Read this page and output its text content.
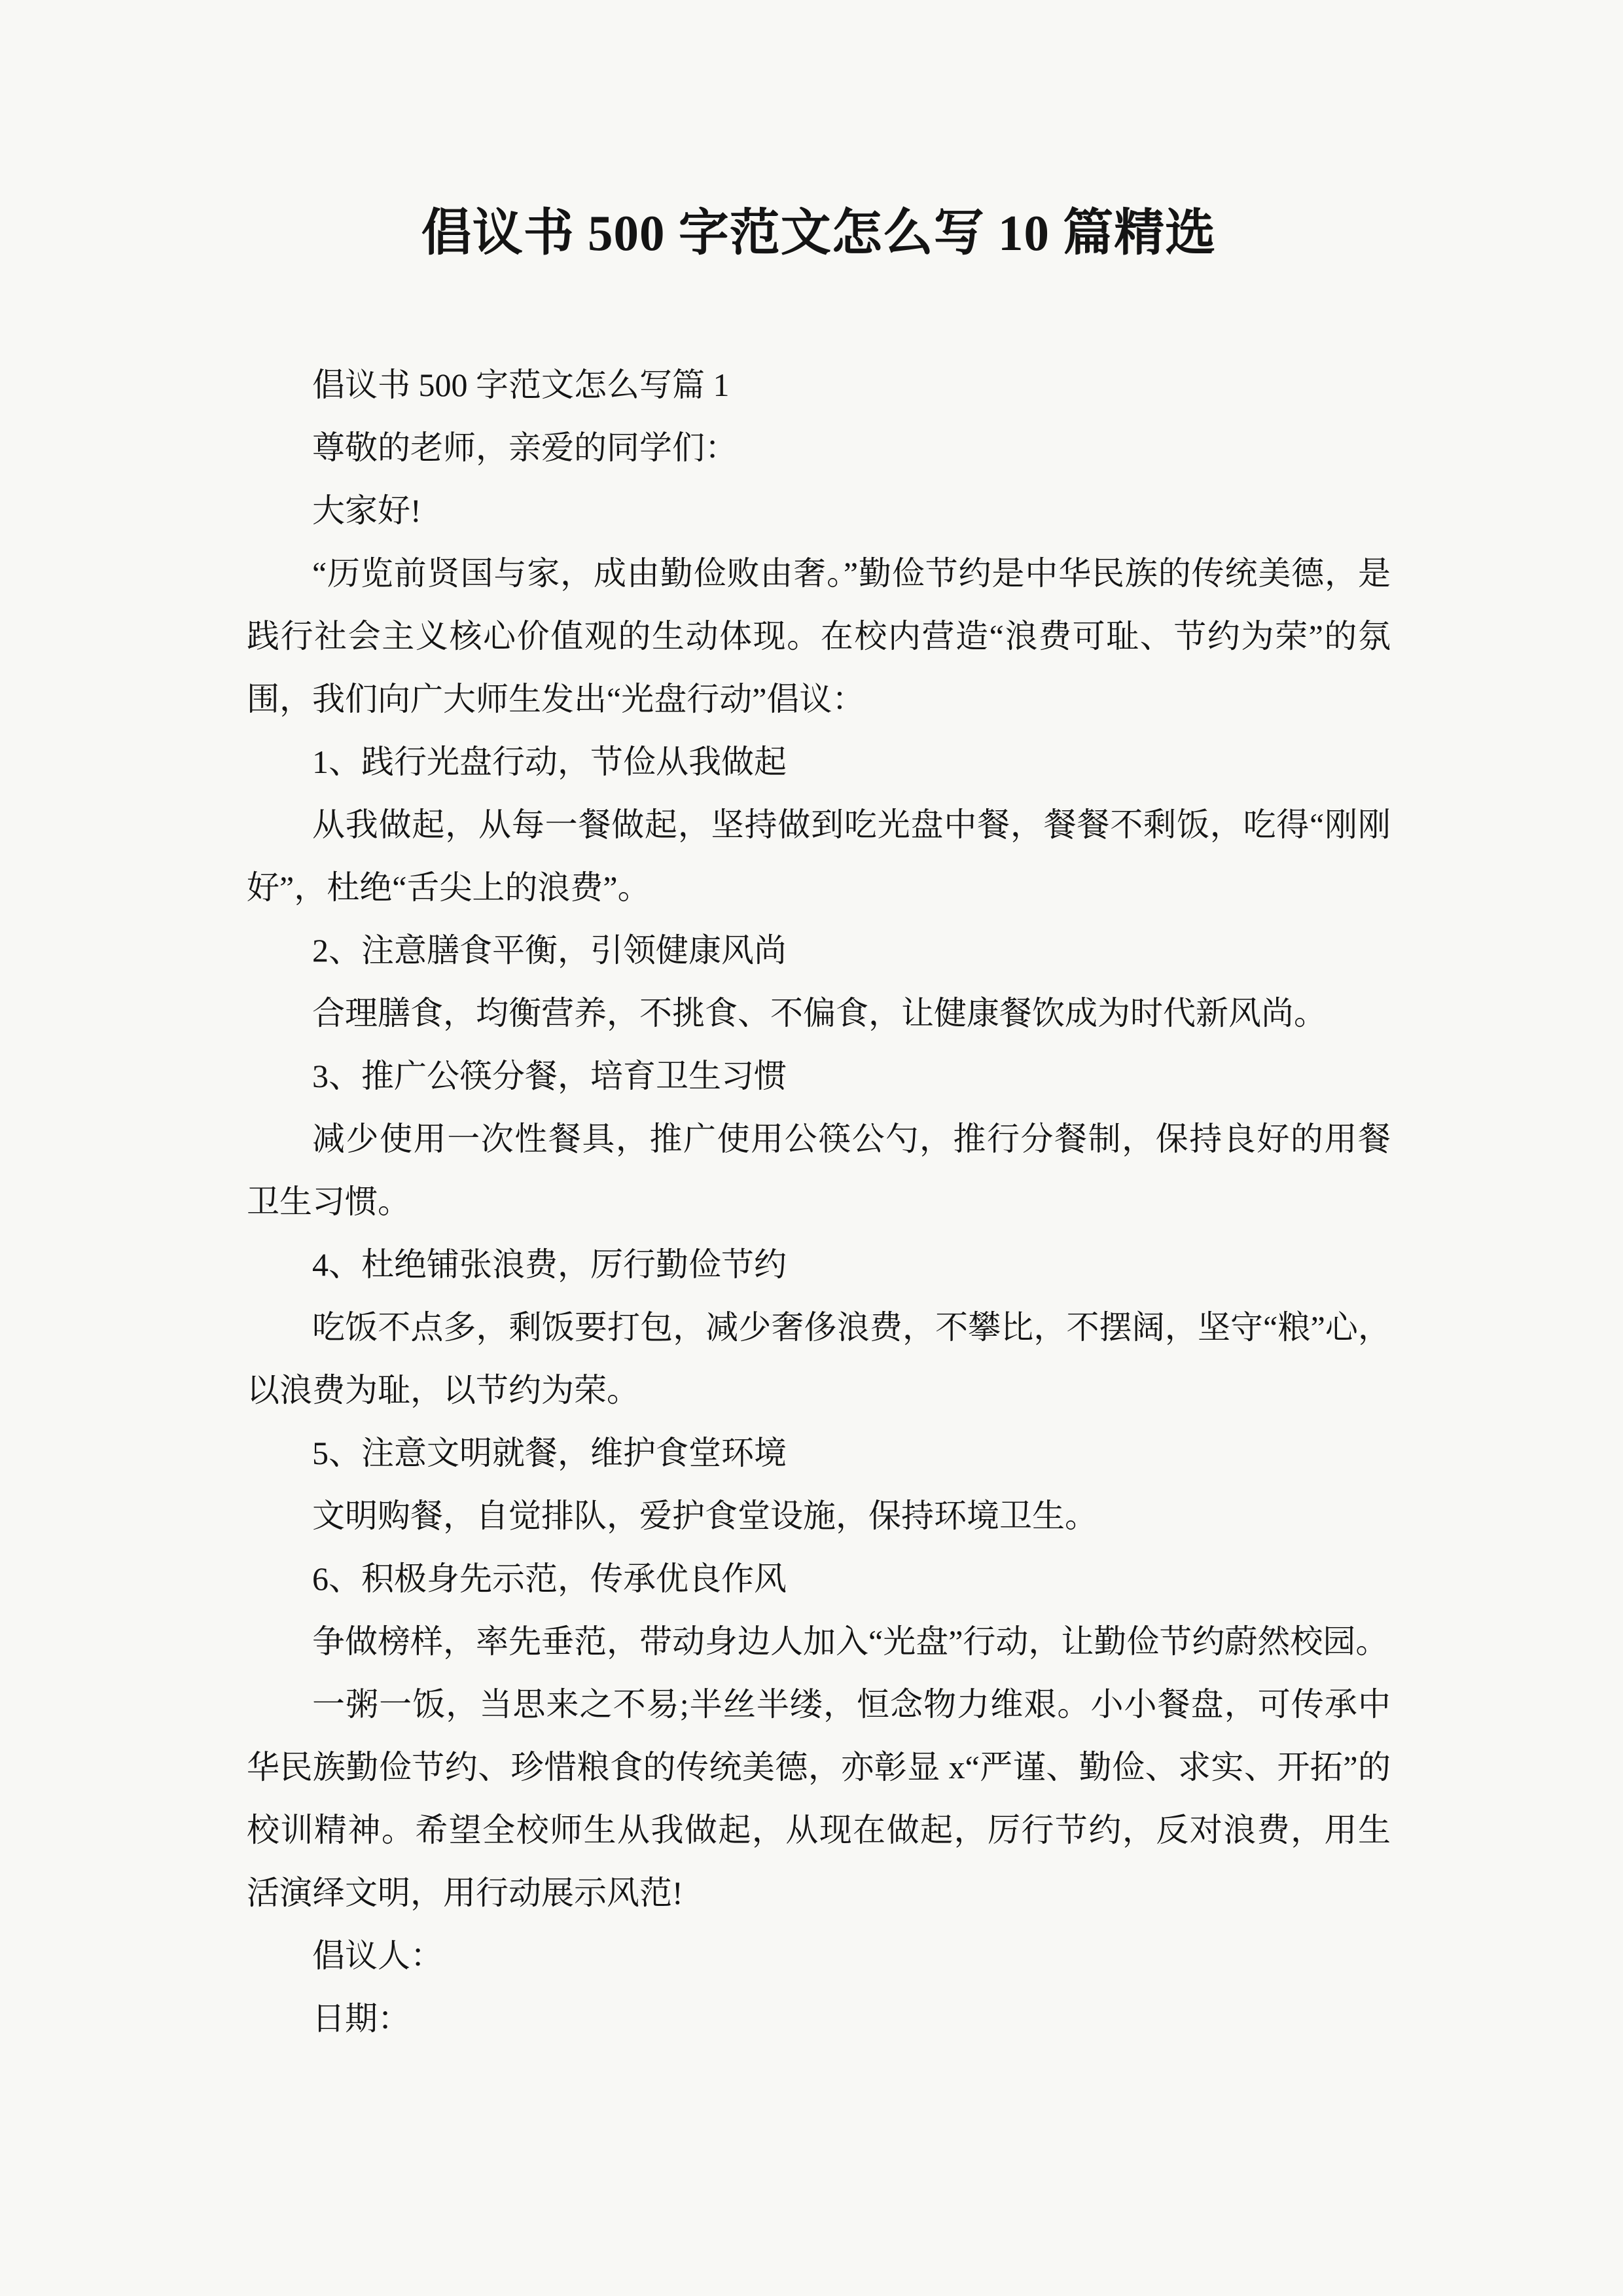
倡议书 500 字范文怎么写 10 篇精选

倡议书 500 字范文怎么写篇 1

尊敬的老师，亲爱的同学们：

大家好!

“历览前贤国与家，成由勤俭败由奢。”勤俭节约是中华民族的传统美德，是践行社会主义核心价值观的生动体现。在校内营造“浪费可耻、节约为荣”的氛围，我们向广大师生发出“光盘行动”倡议：

1、践行光盘行动，节俭从我做起

从我做起，从每一餐做起，坚持做到吃光盘中餐，餐餐不剩饭，吃得“刚刚好”，杜绝“舌尖上的浪费”。

2、注意膳食平衡，引领健康风尚

合理膳食，均衡营养，不挑食、不偏食，让健康餐饮成为时代新风尚。

3、推广公筷分餐，培育卫生习惯

减少使用一次性餐具，推广使用公筷公勺，推行分餐制，保持良好的用餐卫生习惯。

4、杜绝铺张浪费，厉行勤俭节约

吃饭不点多，剩饭要打包，减少奢侈浪费，不攀比，不摆阔，坚守“粮”心，以浪费为耻，以节约为荣。

5、注意文明就餐，维护食堂环境

文明购餐，自觉排队，爱护食堂设施，保持环境卫生。

6、积极身先示范，传承优良作风

争做榜样，率先垂范，带动身边人加入“光盘”行动，让勤俭节约蔚然校园。

一粥一饭，当思来之不易;半丝半缕，恒念物力维艰。小小餐盘，可传承中华民族勤俭节约、珍惜粮食的传统美德，亦彰显 x“严谨、勤俭、求实、开拓”的校训精神。希望全校师生从我做起，从现在做起，厉行节约，反对浪费，用生活演绎文明，用行动展示风范!

倡议人：

日期：
